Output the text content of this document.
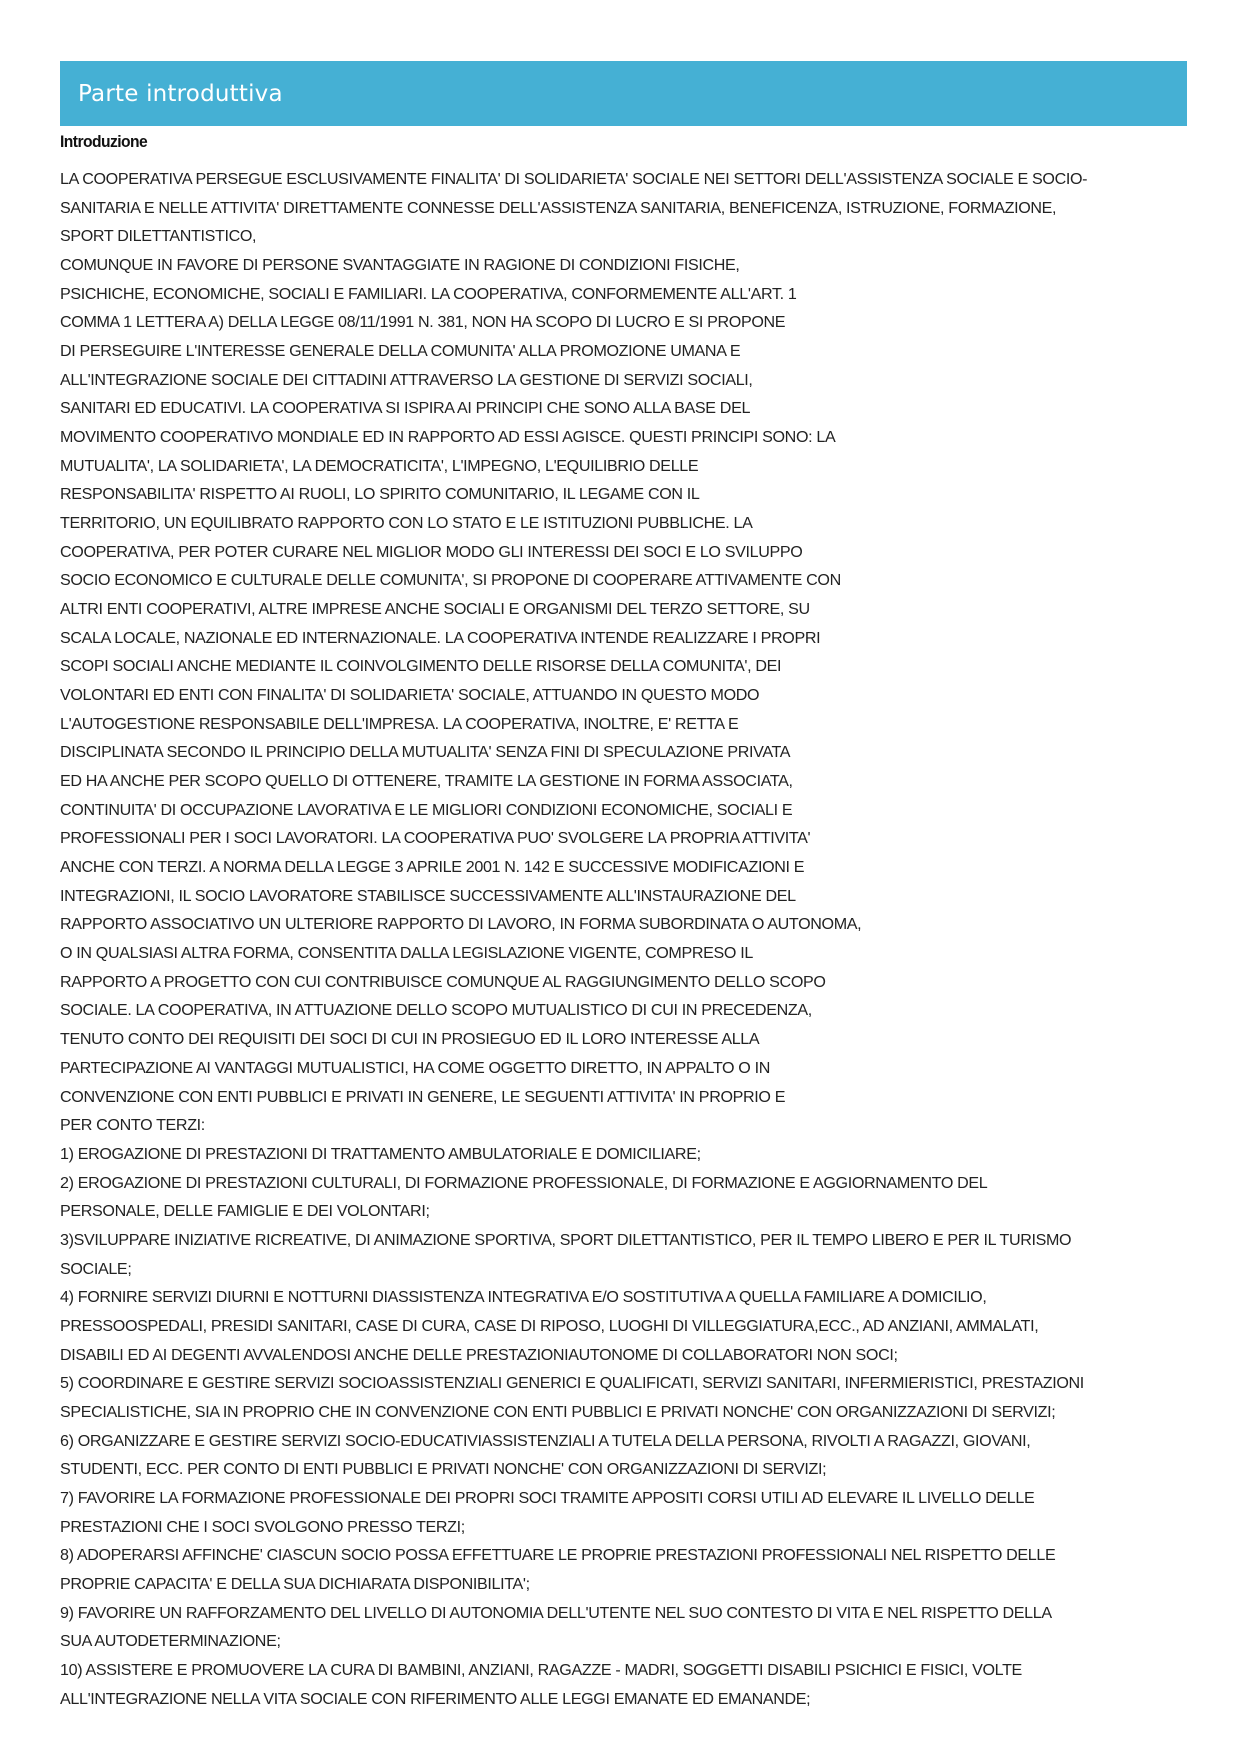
Parte introduttiva
Introduzione
LA COOPERATIVA PERSEGUE ESCLUSIVAMENTE FINALITA' DI SOLIDARIETA' SOCIALE NEI SETTORI DELL'ASSISTENZA SOCIALE E SOCIO-
SANITARIA E NELLE ATTIVITA' DIRETTAMENTE CONNESSE DELL'ASSISTENZA SANITARIA, BENEFICENZA, ISTRUZIONE, FORMAZIONE,
SPORT DILETTANTISTICO,
COMUNQUE IN FAVORE DI PERSONE SVANTAGGIATE IN RAGIONE DI CONDIZIONI FISICHE,
PSICHICHE, ECONOMICHE, SOCIALI E FAMILIARI. LA COOPERATIVA, CONFORMEMENTE ALL'ART. 1
COMMA 1 LETTERA A) DELLA LEGGE 08/11/1991 N. 381, NON HA SCOPO DI LUCRO E SI PROPONE
DI PERSEGUIRE L'INTERESSE GENERALE DELLA COMUNITA' ALLA PROMOZIONE UMANA E
ALL'INTEGRAZIONE SOCIALE DEI CITTADINI ATTRAVERSO LA GESTIONE DI SERVIZI SOCIALI,
SANITARI ED EDUCATIVI. LA COOPERATIVA SI ISPIRA AI PRINCIPI CHE SONO ALLA BASE DEL
MOVIMENTO COOPERATIVO MONDIALE ED IN RAPPORTO AD ESSI AGISCE. QUESTI PRINCIPI SONO: LA
MUTUALITA', LA SOLIDARIETA', LA DEMOCRATICITA', L'IMPEGNO, L'EQUILIBRIO DELLE
RESPONSABILITA' RISPETTO AI RUOLI, LO SPIRITO COMUNITARIO, IL LEGAME CON IL
TERRITORIO, UN EQUILIBRATO RAPPORTO CON LO STATO E LE ISTITUZIONI PUBBLICHE. LA
COOPERATIVA, PER POTER CURARE NEL MIGLIOR MODO GLI INTERESSI DEI SOCI E LO SVILUPPO
SOCIO ECONOMICO E CULTURALE DELLE COMUNITA', SI PROPONE DI COOPERARE ATTIVAMENTE CON
ALTRI ENTI COOPERATIVI, ALTRE IMPRESE ANCHE SOCIALI E ORGANISMI DEL TERZO SETTORE, SU
SCALA LOCALE, NAZIONALE ED INTERNAZIONALE. LA COOPERATIVA INTENDE REALIZZARE I PROPRI
SCOPI SOCIALI ANCHE MEDIANTE IL COINVOLGIMENTO DELLE RISORSE DELLA COMUNITA', DEI
VOLONTARI ED ENTI CON FINALITA' DI SOLIDARIETA' SOCIALE, ATTUANDO IN QUESTO MODO
L'AUTOGESTIONE RESPONSABILE DELL'IMPRESA. LA COOPERATIVA, INOLTRE, E' RETTA E
DISCIPLINATA SECONDO IL PRINCIPIO DELLA MUTUALITA' SENZA FINI DI SPECULAZIONE PRIVATA
ED HA ANCHE PER SCOPO QUELLO DI OTTENERE, TRAMITE LA GESTIONE IN FORMA ASSOCIATA,
CONTINUITA' DI OCCUPAZIONE LAVORATIVA E LE MIGLIORI CONDIZIONI ECONOMICHE, SOCIALI E
PROFESSIONALI PER I SOCI LAVORATORI. LA COOPERATIVA PUO' SVOLGERE LA PROPRIA ATTIVITA'
ANCHE CON TERZI. A NORMA DELLA LEGGE 3 APRILE 2001 N. 142 E SUCCESSIVE MODIFICAZIONI E
INTEGRAZIONI, IL SOCIO LAVORATORE STABILISCE SUCCESSIVAMENTE ALL'INSTAURAZIONE DEL
RAPPORTO ASSOCIATIVO UN ULTERIORE RAPPORTO DI LAVORO, IN FORMA SUBORDINATA O AUTONOMA,
O IN QUALSIASI ALTRA FORMA, CONSENTITA DALLA LEGISLAZIONE VIGENTE, COMPRESO IL
RAPPORTO A PROGETTO CON CUI CONTRIBUISCE COMUNQUE AL RAGGIUNGIMENTO DELLO SCOPO
SOCIALE. LA COOPERATIVA, IN ATTUAZIONE DELLO SCOPO MUTUALISTICO DI CUI IN PRECEDENZA,
TENUTO CONTO DEI REQUISITI DEI SOCI DI CUI IN PROSIEGUO ED IL LORO INTERESSE ALLA
PARTECIPAZIONE AI VANTAGGI MUTUALISTICI, HA COME OGGETTO DIRETTO, IN APPALTO O IN
CONVENZIONE CON ENTI PUBBLICI E PRIVATI IN GENERE, LE SEGUENTI ATTIVITA' IN PROPRIO E
PER CONTO TERZI:
1) EROGAZIONE DI PRESTAZIONI DI TRATTAMENTO AMBULATORIALE E DOMICILIARE;
2) EROGAZIONE DI PRESTAZIONI CULTURALI, DI FORMAZIONE PROFESSIONALE, DI FORMAZIONE E AGGIORNAMENTO DEL
PERSONALE, DELLE FAMIGLIE E DEI VOLONTARI;
3)SVILUPPARE INIZIATIVE RICREATIVE, DI ANIMAZIONE SPORTIVA, SPORT DILETTANTISTICO, PER IL TEMPO LIBERO E PER IL TURISMO
SOCIALE;
4) FORNIRE SERVIZI DIURNI E NOTTURNI DIASSISTENZA INTEGRATIVA E/O SOSTITUTIVA A QUELLA FAMILIARE A DOMICILIO,
PRESSOOSPEDALI, PRESIDI SANITARI, CASE DI CURA, CASE DI RIPOSO, LUOGHI DI VILLEGGIATURA,ECC., AD ANZIANI, AMMALATI,
DISABILI ED AI DEGENTI AVVALENDOSI ANCHE DELLE PRESTAZIONIAUTONOME DI COLLABORATORI NON SOCI;
5) COORDINARE E GESTIRE SERVIZI SOCIOASSISTENZIALI GENERICI E QUALIFICATI, SERVIZI SANITARI, INFERMIERISTICI, PRESTAZIONI
SPECIALISTICHE, SIA IN PROPRIO CHE IN CONVENZIONE CON ENTI PUBBLICI E PRIVATI NONCHE' CON ORGANIZZAZIONI DI SERVIZI;
6) ORGANIZZARE E GESTIRE SERVIZI SOCIO-EDUCATIVIASSISTENZIALI A TUTELA DELLA PERSONA, RIVOLTI A RAGAZZI, GIOVANI,
STUDENTI, ECC. PER CONTO DI ENTI PUBBLICI E PRIVATI NONCHE' CON ORGANIZZAZIONI DI SERVIZI;
7) FAVORIRE LA FORMAZIONE PROFESSIONALE DEI PROPRI SOCI TRAMITE APPOSITI CORSI UTILI AD ELEVARE IL LIVELLO DELLE
PRESTAZIONI CHE I SOCI SVOLGONO PRESSO TERZI;
8) ADOPERARSI AFFINCHE' CIASCUN SOCIO POSSA EFFETTUARE LE PROPRIE PRESTAZIONI PROFESSIONALI NEL RISPETTO DELLE
PROPRIE CAPACITA' E DELLA SUA DICHIARATA DISPONIBILITA';
9) FAVORIRE UN RAFFORZAMENTO DEL LIVELLO DI AUTONOMIA DELL'UTENTE NEL SUO CONTESTO DI VITA E NEL RISPETTO DELLA
SUA AUTODETERMINAZIONE;
10) ASSISTERE E PROMUOVERE LA CURA DI BAMBINI, ANZIANI, RAGAZZE - MADRI, SOGGETTI DISABILI PSICHICI E FISICI, VOLTE
ALL'INTEGRAZIONE NELLA VITA SOCIALE CON RIFERIMENTO ALLE LEGGI EMANATE ED EMANANDE;
